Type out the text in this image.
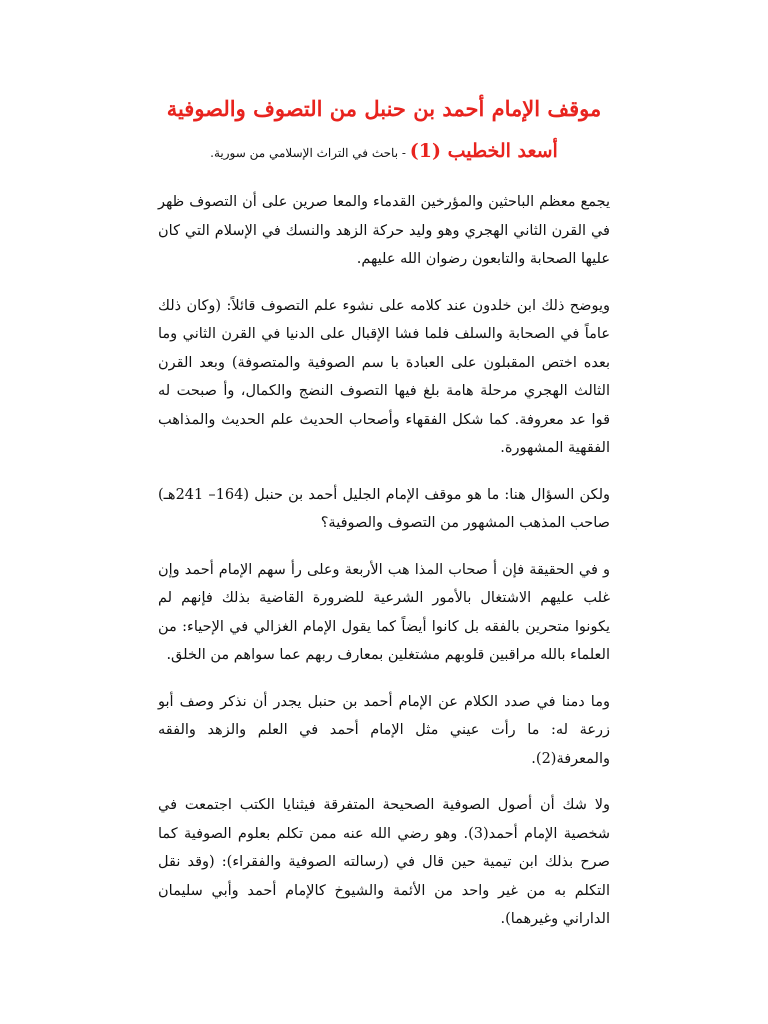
موقف الإمام أحمد بن حنبل من التصوف والصوفية
أسعد الخطيب (1) - باحث في التراث الإسلامي من سورية.

يجمع معظم الباحثين والمؤرخين القدماء والمعا صرين على أن التصوف ظهر في القرن الثاني الهجري وهو وليد حركة الزهد والنسك في الإسلام التي كان عليها الصحابة والتابعون رضوان الله عليهم.

ويوضح ذلك ابن خلدون عند كلامه على نشوء علم التصوف قائلاً: (وكان ذلك عاماً في الصحابة والسلف فلما فشا الإقبال على الدنيا في القرن الثاني وما بعده اختص المقبلون على العبادة با سم الصوفية والمتصوفة) وبعد القرن الثالث الهجري مرحلة هامة بلغ فيها التصوف النضج والكمال، وأ صبحت له قوا عد معروفة. كما شكل الفقهاء وأصحاب الحديث علم الحديث والمذاهب الفقهية المشهورة.

ولكن السؤال هنا: ما هو موقف الإمام الجليل أحمد بن حنبل (164– 241هـ) صاحب المذهب المشهور من التصوف والصوفية؟

و في الحقيقة فإن أ صحاب المذا هب الأربعة وعلى رأ سهم الإمام أحمد وإن غلب عليهم الاشتغال بالأمور الشرعية للضرورة القاضية بذلك فإنهم لم يكونوا متحرين بالفقه بل كانوا أيضاً كما يقول الإمام الغزالي في الإحياء: من العلماء بالله مراقبين قلوبهم مشتغلين بمعارف ربهم عما سواهم من الخلق.

وما دمنا في صدد الكلام عن الإمام أحمد بن حنبل يجدر أن نذكر وصف أبو زرعة له: ما رأت عيني مثل الإمام أحمد في العلم والزهد والفقه والمعرفة(2).

ولا شك أن أصول الصوفية الصحيحة المتفرقة فيثنايا الكتب اجتمعت في شخصية الإمام أحمد(3). وهو رضي الله عنه ممن تكلم بعلوم الصوفية كما صرح بذلك ابن تيمية حين قال في (رسالته الصوفية والفقراء): (وقد نقل التكلم به من غير واحد من الأئمة والشيوخ كالإمام أحمد وأبي سليمان الداراني وغيرهما).
